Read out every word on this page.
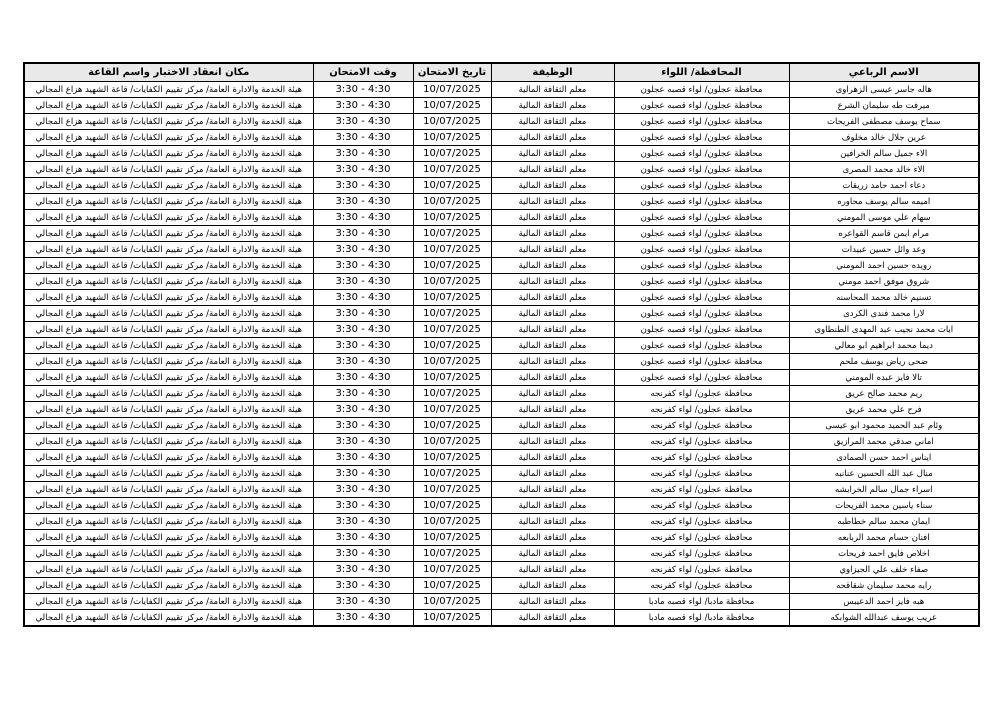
الاسم الرباعي	المحافظة/ اللواء	الوظيفة	تاريخ الامتحان	وقت الامتحان	مكان انعقاد الاختبار واسم القاعة
هاله جاسر عيسى الزهراوى	محافظة عجلون/ لواء قصبه عجلون	معلم الثقافة المالية	10/07/2025	3:30 - 4:30	هيئة الخدمة والادارة العامة/ مركز تقييم الكفايات/ قاعة الشهيد هزاع المجالي
ميرفت طه سليمان الشرع	محافظة عجلون/ لواء قصبه عجلون	معلم الثقافة المالية	10/07/2025	3:30 - 4:30	هيئة الخدمة والادارة العامة/ مركز تقييم الكفايات/ قاعة الشهيد هزاع المجالي
سماح يوسف مصطفى الفريحات	محافظة عجلون/ لواء قصبه عجلون	معلم الثقافة المالية	10/07/2025	3:30 - 4:30	هيئة الخدمة والادارة العامة/ مركز تقييم الكفايات/ قاعة الشهيد هزاع المجالي
عرين جلال خالد مخلوف	محافظة عجلون/ لواء قصبه عجلون	معلم الثقافة المالية	10/07/2025	3:30 - 4:30	هيئة الخدمة والادارة العامة/ مركز تقييم الكفايات/ قاعة الشهيد هزاع المجالي
الاء جميل سالم الخرافين	محافظة عجلون/ لواء قصبه عجلون	معلم الثقافة المالية	10/07/2025	3:30 - 4:30	هيئة الخدمة والادارة العامة/ مركز تقييم الكفايات/ قاعة الشهيد هزاع المجالي
الاء خالد محمد المصرى	محافظة عجلون/ لواء قصبه عجلون	معلم الثقافة المالية	10/07/2025	3:30 - 4:30	هيئة الخدمة والادارة العامة/ مركز تقييم الكفايات/ قاعة الشهيد هزاع المجالي
دعاء احمد حامد زريقات	محافظة عجلون/ لواء قصبه عجلون	معلم الثقافة المالية	10/07/2025	3:30 - 4:30	هيئة الخدمة والادارة العامة/ مركز تقييم الكفايات/ قاعة الشهيد هزاع المجالي
اميمه سالم يوسف محاوره	محافظة عجلون/ لواء قصبه عجلون	معلم الثقافة المالية	10/07/2025	3:30 - 4:30	هيئة الخدمة والادارة العامة/ مركز تقييم الكفايات/ قاعة الشهيد هزاع المجالي
سهام علي موسى المومني	محافظة عجلون/ لواء قصبه عجلون	معلم الثقافة المالية	10/07/2025	3:30 - 4:30	هيئة الخدمة والادارة العامة/ مركز تقييم الكفايات/ قاعة الشهيد هزاع المجالي
مرام ايمن قاسم القواعره	محافظة عجلون/ لواء قصبه عجلون	معلم الثقافة المالية	10/07/2025	3:30 - 4:30	هيئة الخدمة والادارة العامة/ مركز تقييم الكفايات/ قاعة الشهيد هزاع المجالي
وعد وائل حسين عبيدات	محافظة عجلون/ لواء قصبه عجلون	معلم الثقافة المالية	10/07/2025	3:30 - 4:30	هيئة الخدمة والادارة العامة/ مركز تقييم الكفايات/ قاعة الشهيد هزاع المجالي
رويده حسين احمد المومني	محافظة عجلون/ لواء قصبه عجلون	معلم الثقافة المالية	10/07/2025	3:30 - 4:30	هيئة الخدمة والادارة العامة/ مركز تقييم الكفايات/ قاعة الشهيد هزاع المجالي
شروق موفق احمد مومني	محافظة عجلون/ لواء قصبه عجلون	معلم الثقافة المالية	10/07/2025	3:30 - 4:30	هيئة الخدمة والادارة العامة/ مركز تقييم الكفايات/ قاعة الشهيد هزاع المجالي
تسنيم خالد محمد المحاسنه	محافظة عجلون/ لواء قصبه عجلون	معلم الثقافة المالية	10/07/2025	3:30 - 4:30	هيئة الخدمة والادارة العامة/ مركز تقييم الكفايات/ قاعة الشهيد هزاع المجالي
لارا محمد فندى الكردى	محافظة عجلون/ لواء قصبه عجلون	معلم الثقافة المالية	10/07/2025	3:30 - 4:30	هيئة الخدمة والادارة العامة/ مركز تقييم الكفايات/ قاعة الشهيد هزاع المجالي
ايات محمد نجيب عبد المهدى الطنطاوى	محافظة عجلون/ لواء قصبه عجلون	معلم الثقافة المالية	10/07/2025	3:30 - 4:30	هيئة الخدمة والادارة العامة/ مركز تقييم الكفايات/ قاعة الشهيد هزاع المجالي
ديما محمد ابراهيم ابو معالي	محافظة عجلون/ لواء قصبه عجلون	معلم الثقافة المالية	10/07/2025	3:30 - 4:30	هيئة الخدمة والادارة العامة/ مركز تقييم الكفايات/ قاعة الشهيد هزاع المجالي
ضحى رياض يوسف ملحم	محافظة عجلون/ لواء قصبه عجلون	معلم الثقافة المالية	10/07/2025	3:30 - 4:30	هيئة الخدمة والادارة العامة/ مركز تقييم الكفايات/ قاعة الشهيد هزاع المجالي
تالا فايز عبده المومني	محافظة عجلون/ لواء قصبه عجلون	معلم الثقافة المالية	10/07/2025	3:30 - 4:30	هيئة الخدمة والادارة العامة/ مركز تقييم الكفايات/ قاعة الشهيد هزاع المجالي
ريم محمد صالح عريق	محافظة عجلون/ لواء كفرنجه	معلم الثقافة المالية	10/07/2025	3:30 - 4:30	هيئة الخدمة والادارة العامة/ مركز تقييم الكفايات/ قاعة الشهيد هزاع المجالي
فرح علي محمد عريق	محافظة عجلون/ لواء كفرنجه	معلم الثقافة المالية	10/07/2025	3:30 - 4:30	هيئة الخدمة والادارة العامة/ مركز تقييم الكفايات/ قاعة الشهيد هزاع المجالي
وئام عبد الحميد محمود ابو عيسى	محافظة عجلون/ لواء كفرنجه	معلم الثقافة المالية	10/07/2025	3:30 - 4:30	هيئة الخدمة والادارة العامة/ مركز تقييم الكفايات/ قاعة الشهيد هزاع المجالي
اماني صدقي محمد المرازيق	محافظة عجلون/ لواء كفرنجه	معلم الثقافة المالية	10/07/2025	3:30 - 4:30	هيئة الخدمة والادارة العامة/ مركز تقييم الكفايات/ قاعة الشهيد هزاع المجالي
ايناس احمد حسن الصمادى	محافظة عجلون/ لواء كفرنجه	معلم الثقافة المالية	10/07/2025	3:30 - 4:30	هيئة الخدمة والادارة العامة/ مركز تقييم الكفايات/ قاعة الشهيد هزاع المجالي
منال عبد الله الحسين عنانبه	محافظة عجلون/ لواء كفرنجه	معلم الثقافة المالية	10/07/2025	3:30 - 4:30	هيئة الخدمة والادارة العامة/ مركز تقييم الكفايات/ قاعة الشهيد هزاع المجالي
اسراء جمال سالم الخرابشه	محافظة عجلون/ لواء كفرنجه	معلم الثقافة المالية	10/07/2025	3:30 - 4:30	هيئة الخدمة والادارة العامة/ مركز تقييم الكفايات/ قاعة الشهيد هزاع المجالي
سناء ياسين محمد الفريحات	محافظة عجلون/ لواء كفرنجه	معلم الثقافة المالية	10/07/2025	3:30 - 4:30	هيئة الخدمة والادارة العامة/ مركز تقييم الكفايات/ قاعة الشهيد هزاع المجالي
ايمان محمد سالم خطاطبه	محافظة عجلون/ لواء كفرنجه	معلم الثقافة المالية	10/07/2025	3:30 - 4:30	هيئة الخدمة والادارة العامة/ مركز تقييم الكفايات/ قاعة الشهيد هزاع المجالي
افنان حسام محمد الربابعه	محافظة عجلون/ لواء كفرنجه	معلم الثقافة المالية	10/07/2025	3:30 - 4:30	هيئة الخدمة والادارة العامة/ مركز تقييم الكفايات/ قاعة الشهيد هزاع المجالي
اخلاص فايق احمد فريحات	محافظة عجلون/ لواء كفرنجه	معلم الثقافة المالية	10/07/2025	3:30 - 4:30	هيئة الخدمة والادارة العامة/ مركز تقييم الكفايات/ قاعة الشهيد هزاع المجالي
صفاء خلف علي الجيزاوي	محافظة عجلون/ لواء كفرنجه	معلم الثقافة المالية	10/07/2025	3:30 - 4:30	هيئة الخدمة والادارة العامة/ مركز تقييم الكفايات/ قاعة الشهيد هزاع المجالي
رايه محمد سليمان شقاقحه	محافظة عجلون/ لواء كفرنجه	معلم الثقافة المالية	10/07/2025	3:30 - 4:30	هيئة الخدمة والادارة العامة/ مركز تقييم الكفايات/ قاعة الشهيد هزاع المجالي
هبه فايز احمد الدعيبس	محافظة مادبا/ لواء قصبه مادبا	معلم الثقافة المالية	10/07/2025	3:30 - 4:30	هيئة الخدمة والادارة العامة/ مركز تقييم الكفايات/ قاعة الشهيد هزاع المجالي
عريب يوسف عبدالله الشوابكه	محافظة مادبا/ لواء قصبه مادبا	معلم الثقافة المالية	10/07/2025	3:30 - 4:30	هيئة الخدمة والادارة العامة/ مركز تقييم الكفايات/ قاعة الشهيد هزاع المجالي
